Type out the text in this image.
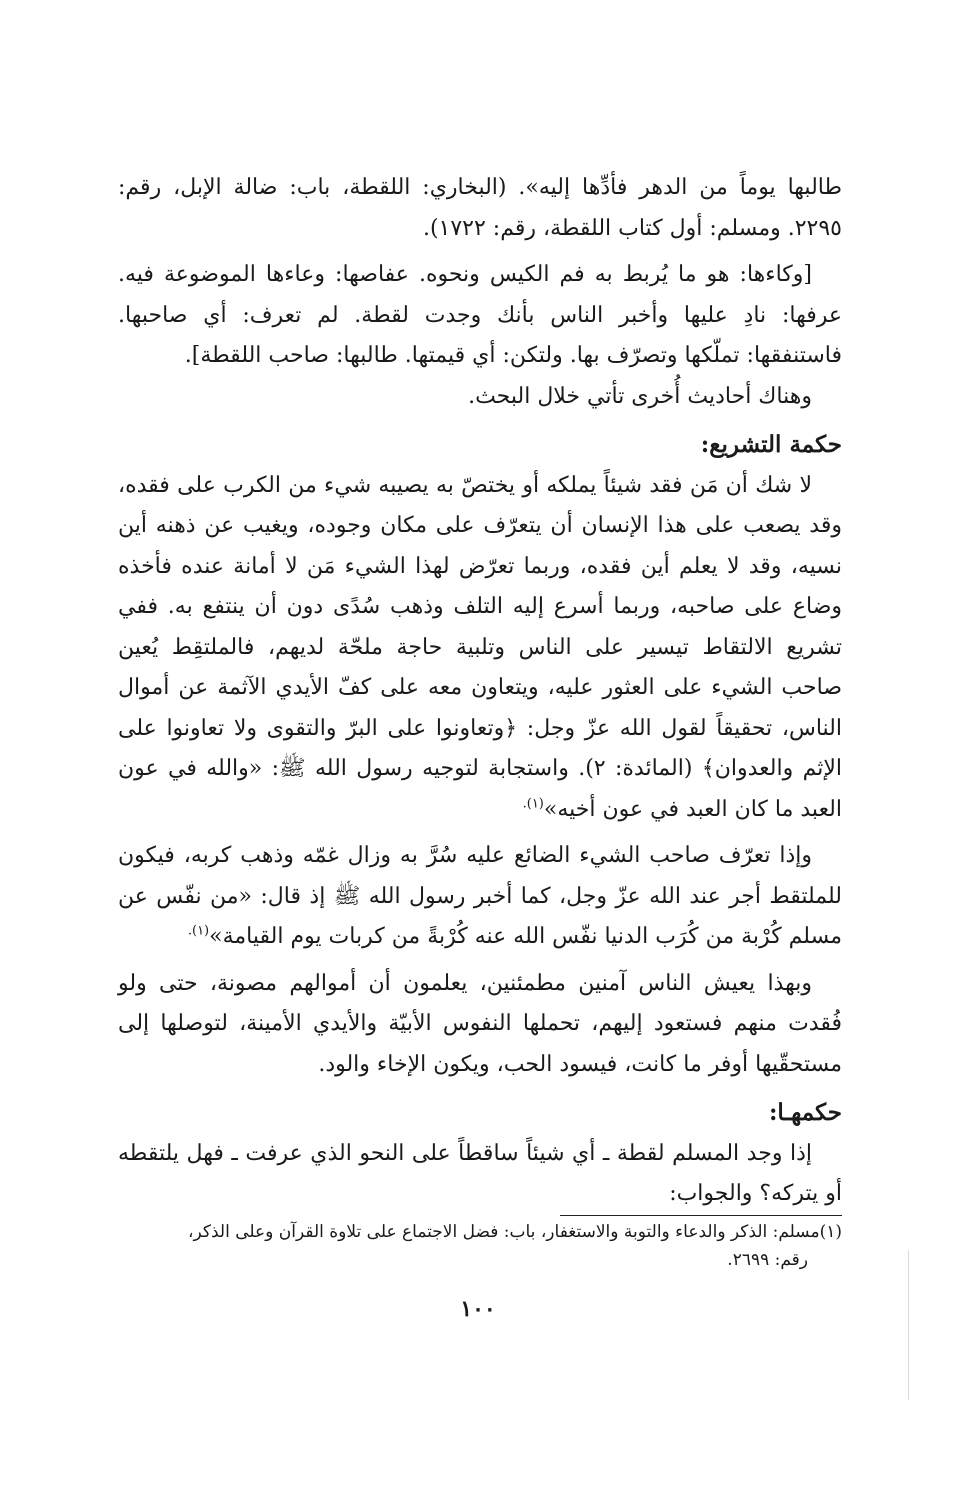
طالبها يوماً من الدهر فأدِّها إليه». (البخاري: اللقطة، باب: ضالة الإبل، رقم: ٢٢٩٥. ومسلم: أول كتاب اللقطة، رقم: ١٧٢٢).

[وكاءها: هو ما يُربط به فم الكيس ونحوه. عفاصها: وعاءها الموضوعة فيه. عرفها: نادِ عليها وأخبر الناس بأنك وجدت لقطة. لم تعرف: أي صاحبها. فاستنفقها: تملّكها وتصرّف بها. ولتكن: أي قيمتها. طالبها: صاحب اللقطة].

وهناك أحاديث أُخرى تأتي خلال البحث.

حكمة التشريع:

لا شك أن مَن فقد شيئاً يملكه أو يختصّ به يصيبه شيء من الكرب على فقده، وقد يصعب على هذا الإنسان أن يتعرّف على مكان وجوده، ويغيب عن ذهنه أين نسيه، وقد لا يعلم أين فقده، وربما تعرّض لهذا الشيء مَن لا أمانة عنده فأخذه وضاع على صاحبه، وربما أسرع إليه التلف وذهب سُدًى دون أن ينتفع به. ففي تشريع الالتقاط تيسير على الناس وتلبية حاجة ملحّة لديهم، فالملتقِط يُعين صاحب الشيء على العثور عليه، ويتعاون معه على كفّ الأيدي الآثمة عن أموال الناس، تحقيقاً لقول الله عزّ وجل: ﴿وتعاونوا على البرّ والتقوى ولا تعاونوا على الإثم والعدوان﴾ (المائدة: ٢). واستجابة لتوجيه رسول الله ﷺ: «والله في عون العبد ما كان العبد في عون أخيه»$^{(١).}$

وإذا تعرّف صاحب الشيء الضائع عليه سُرَّ به وزال غمّه وذهب كربه، فيكون للملتقط أجر عند الله عزّ وجل، كما أخبر رسول الله ﷺ إذ قال: «من نفّس عن مسلم كُرْبة من كُرَب الدنيا نفّس الله عنه كُرْبةً من كربات يوم القيامة»$^{(١).}$

وبهذا يعيش الناس آمنين مطمئنين، يعلمون أن أموالهم مصونة، حتى ولو فُقدت منهم فستعود إليهم، تحملها النفوس الأبيّة والأيدي الأمينة، لتوصلها إلى مستحقّيها أوفر ما كانت، فيسود الحب، ويكون الإخاء والود.

حكمهـا:

إذا وجد المسلم لقطة ـ أي شيئاً ساقطاً على النحو الذي عرفت ـ فهل يلتقطه أو يتركه؟ والجواب:

(١)مسلم: الذكر والدعاء والتوبة والاستغفار، باب: فضل الاجتماع على تلاوة القرآن وعلى الذكر،
رقم: ٢٦٩٩.
١٠٠
